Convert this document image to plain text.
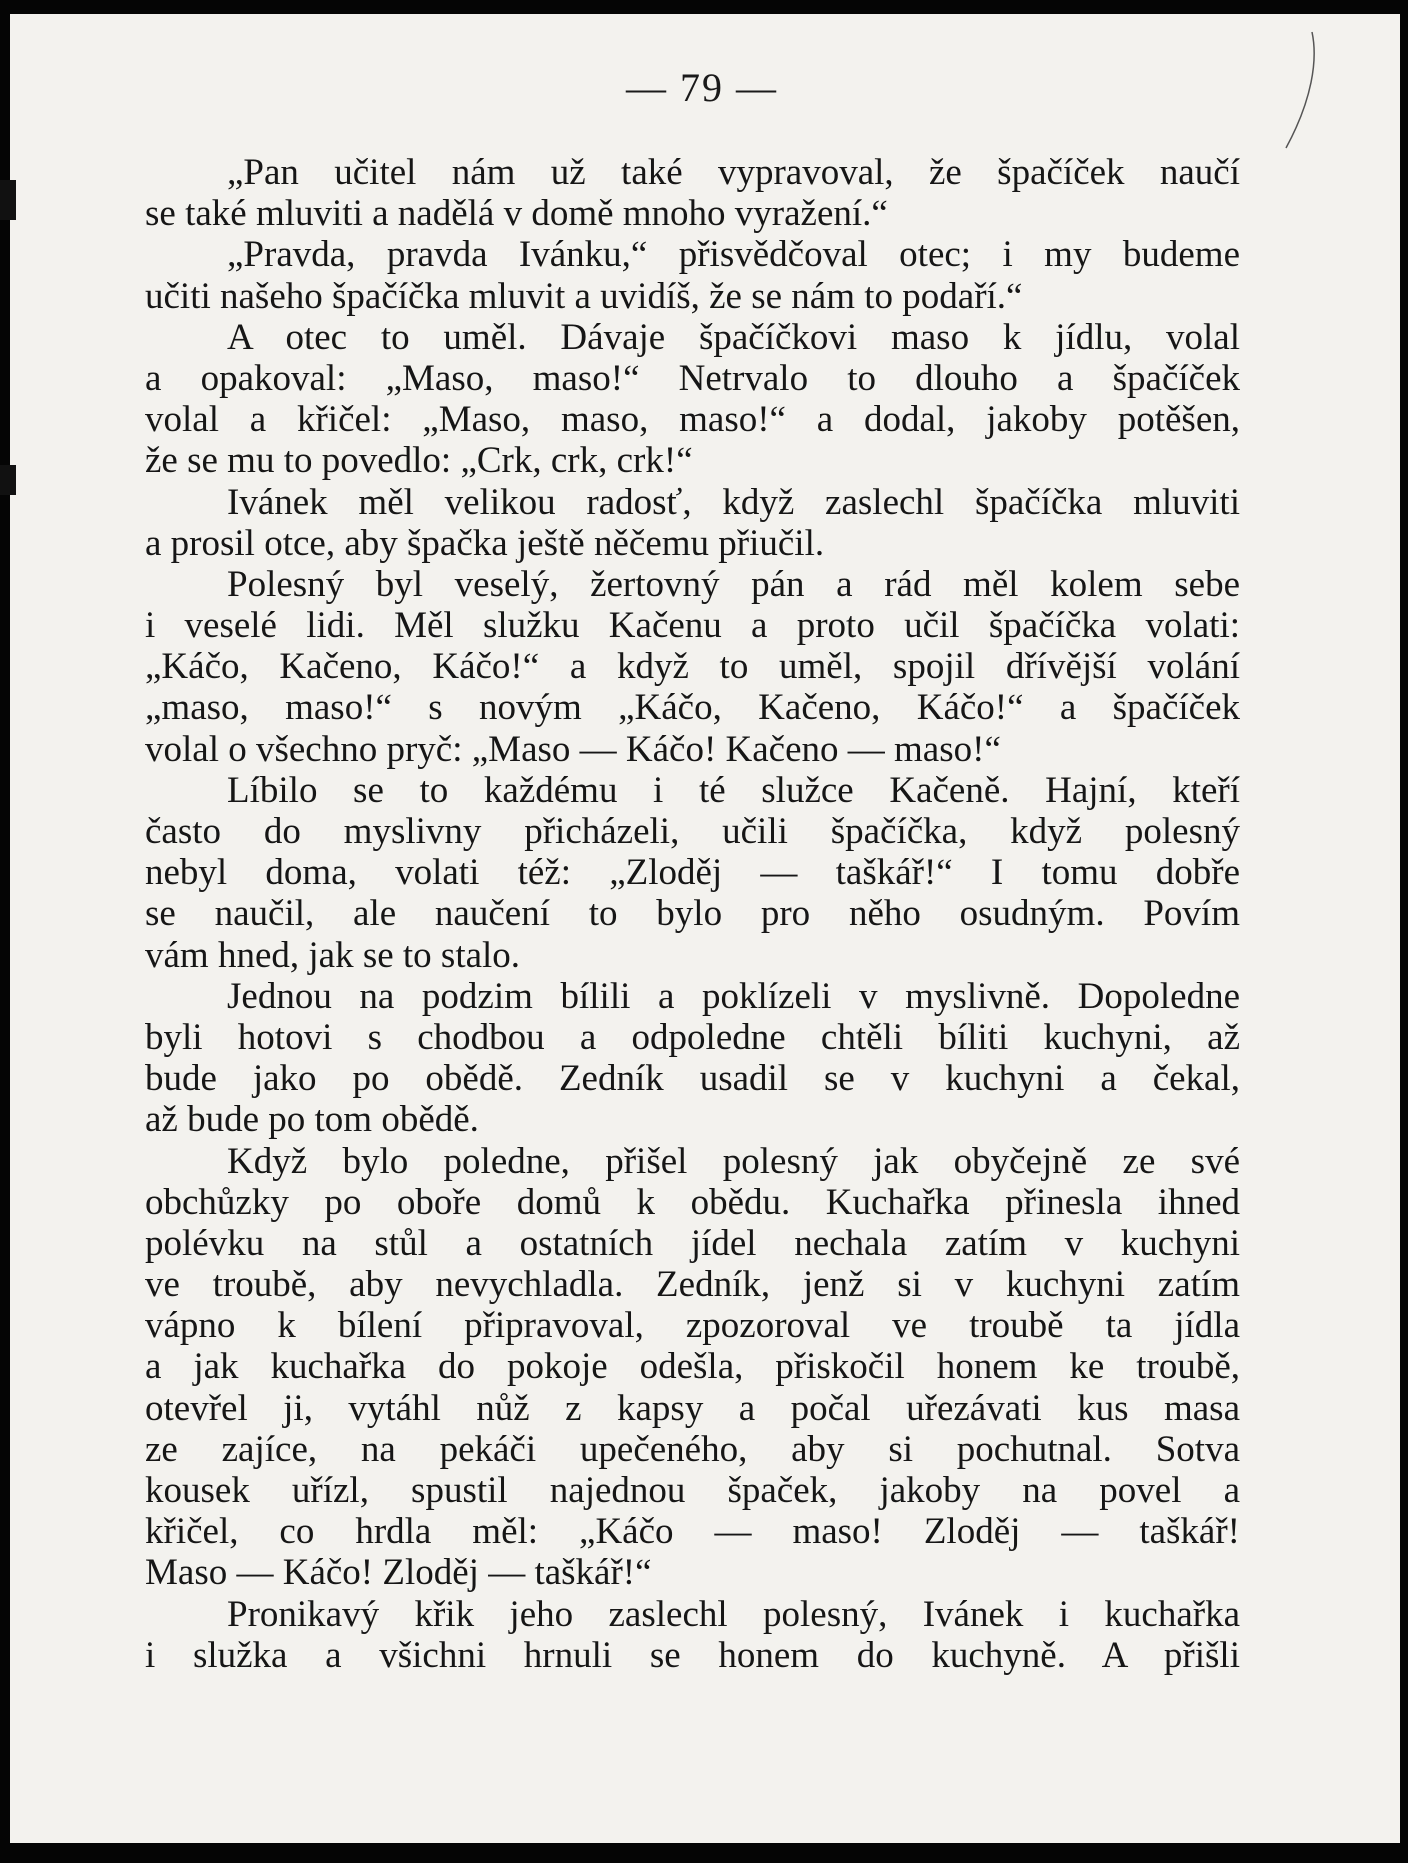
— 79 —
„Pan učitel nám už také vypravoval, že špačíček naučí
se také mluviti a nadělá v domě mnoho vyražení.“
„Pravda, pravda Ivánku,“ přisvědčoval otec; i my budeme
učiti našeho špačíčka mluvit a uvidíš, že se nám to podaří.“
A otec to uměl. Dávaje špačíčkovi maso k jídlu, volal
a opakoval: „Maso, maso!“ Netrvalo to dlouho a špačíček
volal a křičel: „Maso, maso, maso!“ a dodal, jakoby potěšen,
že se mu to povedlo: „Crk, crk, crk!“
Ivánek měl velikou radosť, když zaslechl špačíčka mluviti
a prosil otce, aby špačka ještě něčemu přiučil.
Polesný byl veselý, žertovný pán a rád měl kolem sebe
i veselé lidi. Měl služku Kačenu a proto učil špačíčka volati:
„Káčo, Kačeno, Káčo!“ a když to uměl, spojil dřívější volání
„maso, maso!“ s novým „Káčo, Kačeno, Káčo!“ a špačíček
volal o všechno pryč: „Maso — Káčo! Kačeno — maso!“
Líbilo se to každému i té služce Kačeně. Hajní, kteří
často do myslivny přicházeli, učili špačíčka, když polesný
nebyl doma, volati též: „Zloděj — taškář!“ I tomu dobře
se naučil, ale naučení to bylo pro něho osudným. Povím
vám hned, jak se to stalo.
Jednou na podzim bílili a poklízeli v myslivně. Dopoledne
byli hotovi s chodbou a odpoledne chtěli bíliti kuchyni, až
bude jako po obědě. Zedník usadil se v kuchyni a čekal,
až bude po tom obědě.
Když bylo poledne, přišel polesný jak obyčejně ze své
obchůzky po oboře domů k obědu. Kuchařka přinesla ihned
polévku na stůl a ostatních jídel nechala zatím v kuchyni
ve troubě, aby nevychladla. Zedník, jenž si v kuchyni zatím
vápno k bílení připravoval, zpozoroval ve troubě ta jídla
a jak kuchařka do pokoje odešla, přiskočil honem ke troubě,
otevřel ji, vytáhl nůž z kapsy a počal uřezávati kus masa
ze zajíce, na pekáči upečeného, aby si pochutnal. Sotva
kousek uřízl, spustil najednou špaček, jakoby na povel a
křičel, co hrdla měl: „Káčo — maso! Zloděj — taškář!
Maso — Káčo! Zloděj — taškář!“
Pronikavý křik jeho zaslechl polesný, Ivánek i kuchařka
i služka a všichni hrnuli se honem do kuchyně. A přišli
